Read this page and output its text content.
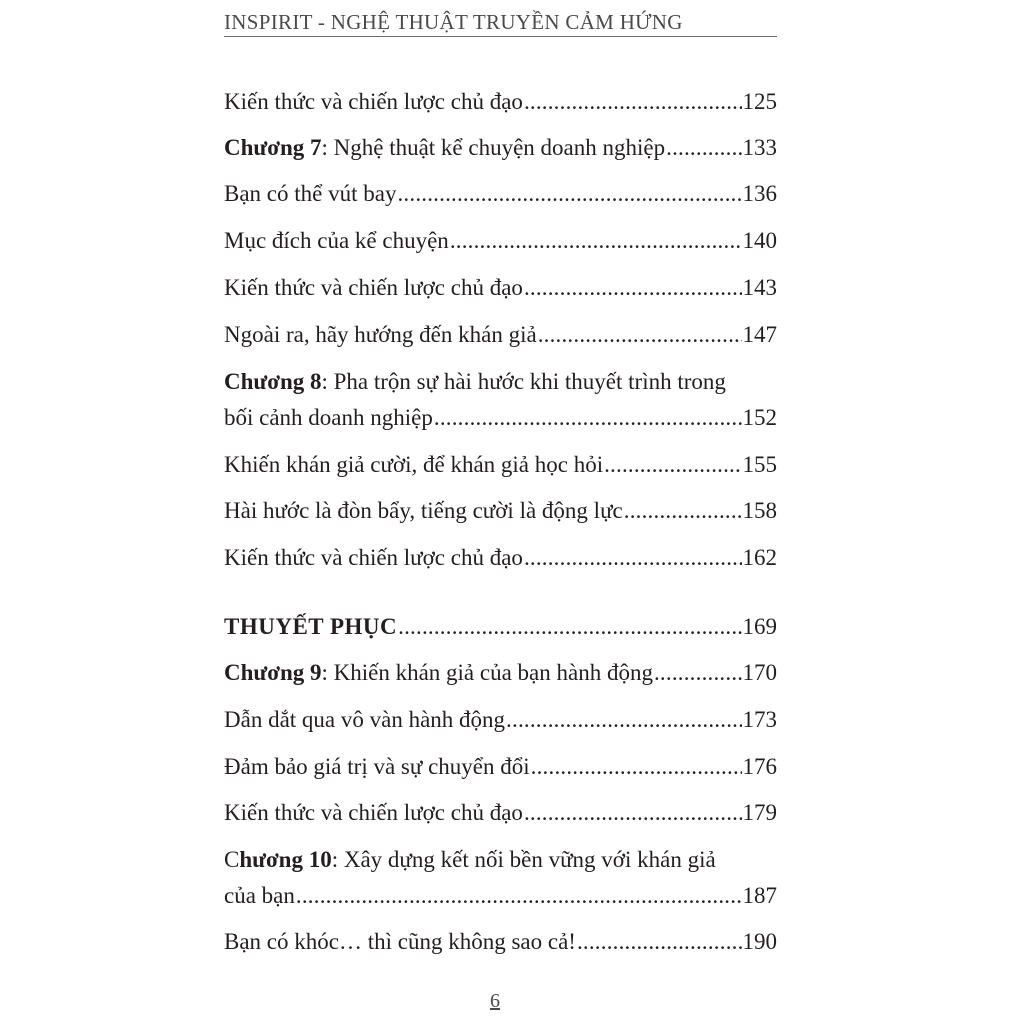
INSPIRIT - NGHỆ THUẬT TRUYỀN CẢM HỨNG
Kiến thức và chiến lược chủ đạo .....	125
Chương 7: Nghệ thuật kể chuyện doanh nghiệp .....	133
Bạn có thể vút bay .....	136
Mục đích của kể chuyện .....	140
Kiến thức và chiến lược chủ đạo .....	143
Ngoài ra, hãy hướng đến khán giả .....	147
Chương 8: Pha trộn sự hài hước khi thuyết trình trong
bối cảnh doanh nghiệp .....	152
Khiến khán giả cười, để khán giả học hỏi .....	155
Hài hước là đòn bẩy, tiếng cười là động lực .....	158
Kiến thức và chiến lược chủ đạo .....	162
THUYẾT PHỤC .....	169
Chương 9: Khiến khán giả của bạn hành động .....	170
Dẫn dắt qua vô vàn hành động .....	173
Đảm bảo giá trị và sự chuyển đổi .....	176
Kiến thức và chiến lược chủ đạo .....	179
Chương 10: Xây dựng kết nối bền vững với khán giả
của bạn .....	187
Bạn có khóc… thì cũng không sao cả! .....	190
6
